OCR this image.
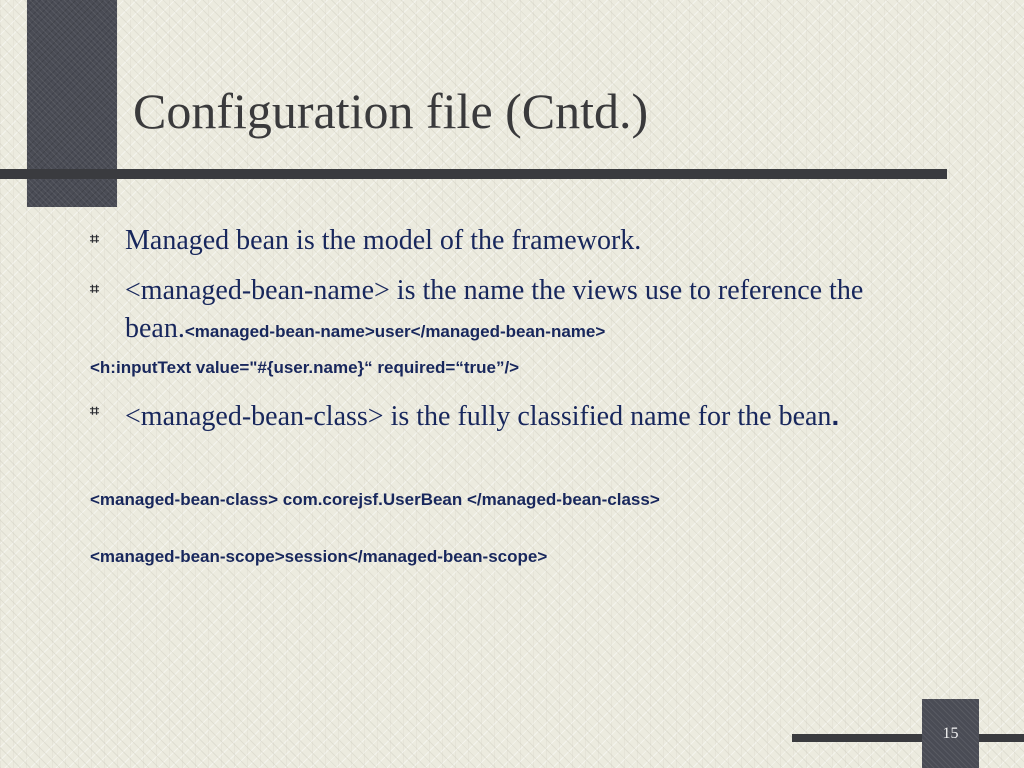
Configuration file (Cntd.)
⌗ Managed bean is the model of the framework.
⌗ <managed-bean-name> is the name the views use to reference the bean.<managed-bean-name>user</managed-bean-name>

<h:inputText value="#{user.name}“ required=“true”/>

⌗ <managed-bean-class> is the fully classified name for the bean.

<managed-bean-class> com.corejsf.UserBean </managed-bean-class>

<managed-bean-scope>session</managed-bean-scope>

15
